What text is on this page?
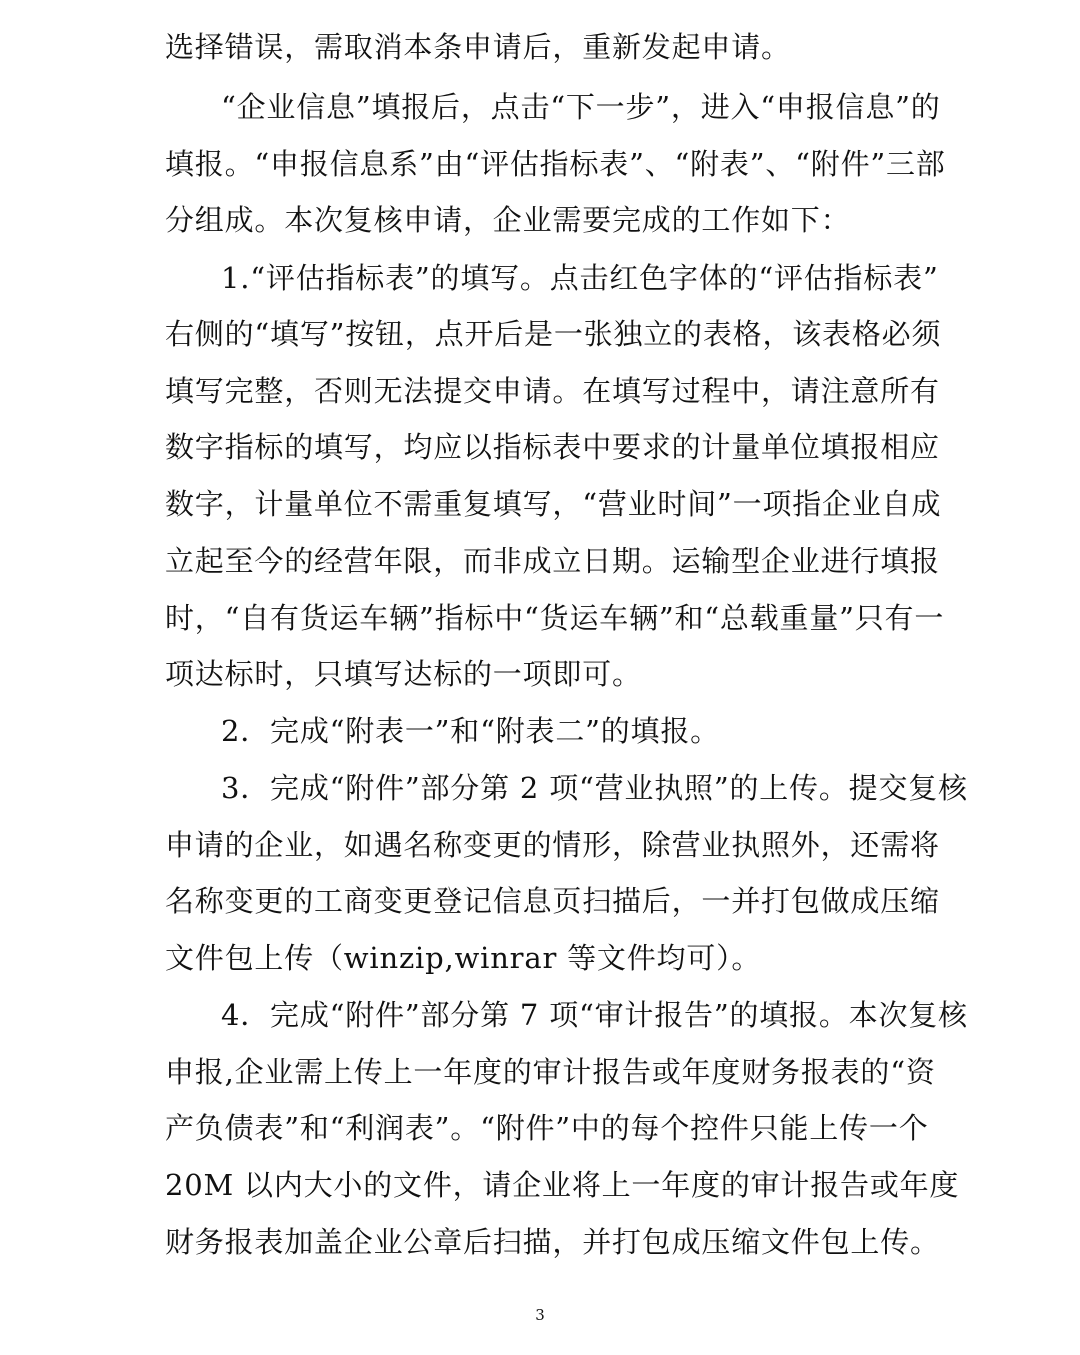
选择错误，需取消本条申请后，重新发起申请。
“企业信息”填报后，点击“下一步”，进入“申报信息”的
填报。“申报信息系”由“评估指标表”、“附表”、“附件”三部
分组成。本次复核申请，企业需要完成的工作如下：
1.“评估指标表”的填写。点击红色字体的“评估指标表”
右侧的“填写”按钮，点开后是一张独立的表格，该表格必须
填写完整，否则无法提交申请。在填写过程中，请注意所有
数字指标的填写，均应以指标表中要求的计量单位填报相应
数字，计量单位不需重复填写，“营业时间”一项指企业自成
立起至今的经营年限，而非成立日期。运输型企业进行填报
时，“自有货运车辆”指标中“货运车辆”和“总载重量”只有一
项达标时，只填写达标的一项即可。
2．完成“附表一”和“附表二”的填报。
3．完成“附件”部分第 2 项“营业执照”的上传。提交复核
申请的企业，如遇名称变更的情形，除营业执照外，还需将
名称变更的工商变更登记信息页扫描后，一并打包做成压缩
文件包上传（winzip,winrar 等文件均可）。
4．完成“附件”部分第 7 项“审计报告”的填报。本次复核
申报,企业需上传上一年度的审计报告或年度财务报表的“资
产负债表”和“利润表”。“附件”中的每个控件只能上传一个
20M 以内大小的文件，请企业将上一年度的审计报告或年度
财务报表加盖企业公章后扫描，并打包成压缩文件包上传。
3
